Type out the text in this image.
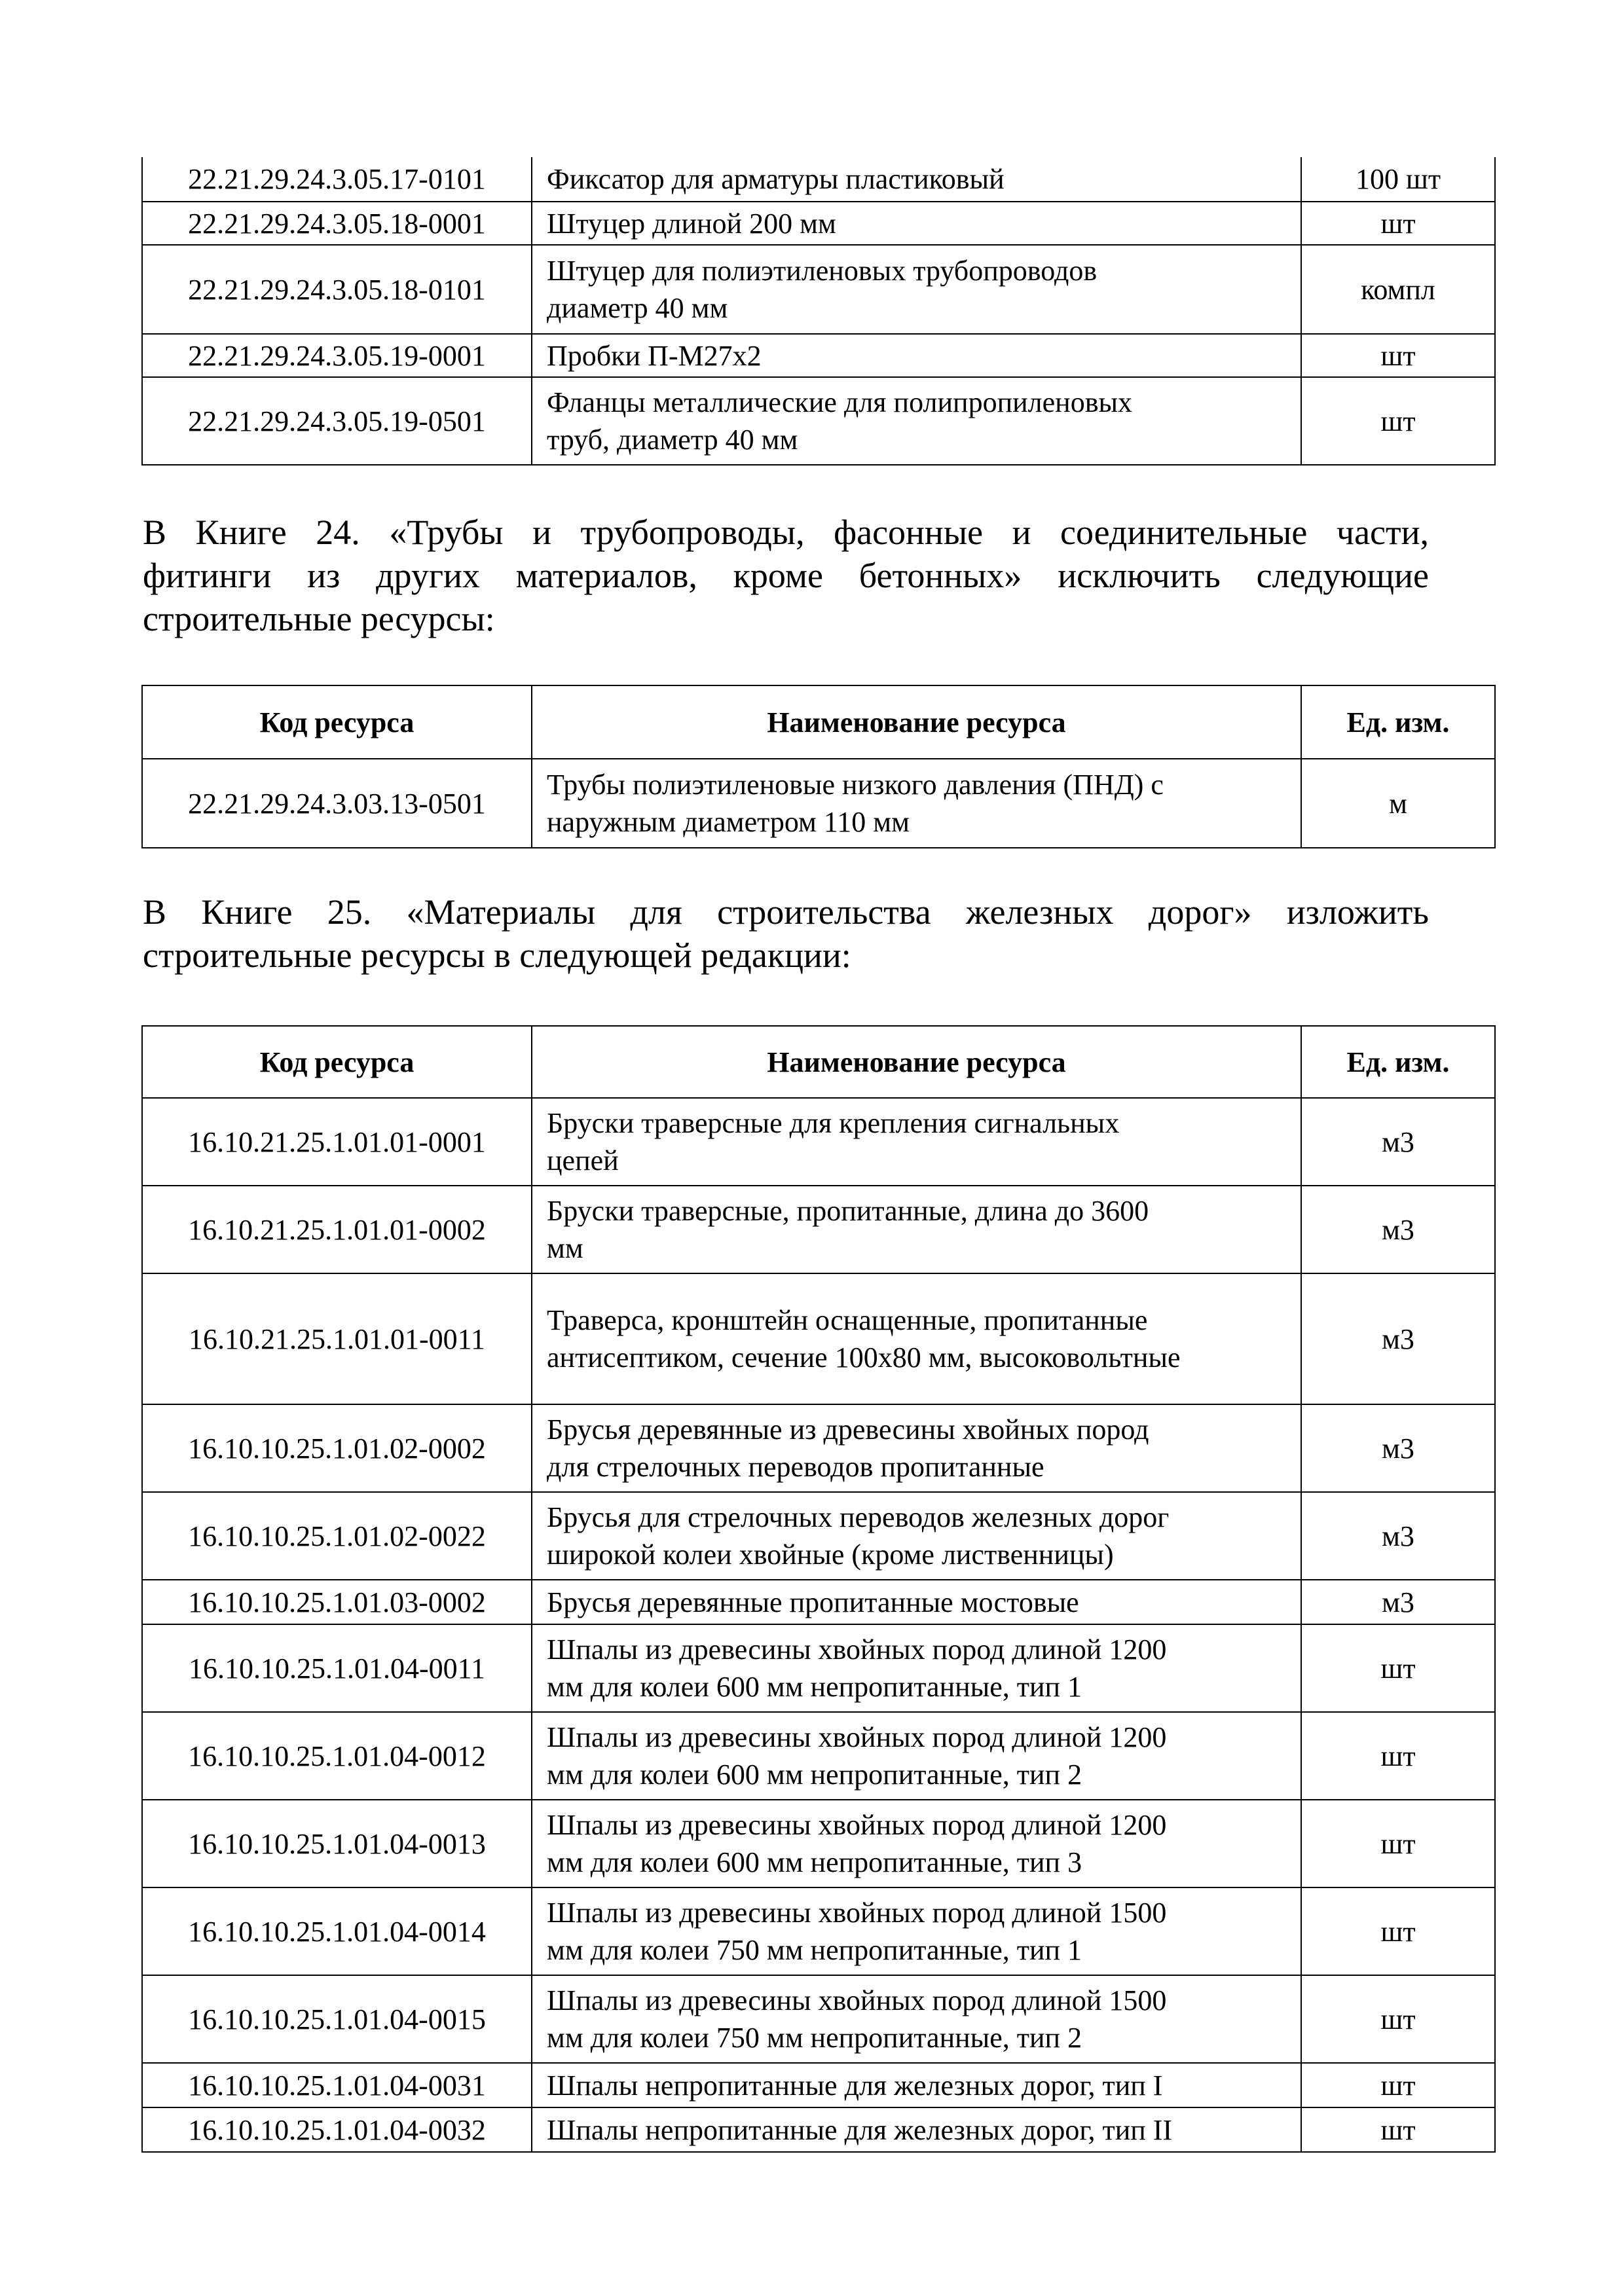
22.21.29.24.3.05.17-0101	Фиксатор для арматуры пластиковый	100 шт
22.21.29.24.3.05.18-0001	Штуцер длиной 200 мм	шт
22.21.29.24.3.05.18-0101	Штуцер для полиэтиленовых трубопроводов
диаметр 40 мм	компл
22.21.29.24.3.05.19-0001	Пробки П-М27х2	шт
22.21.29.24.3.05.19-0501	Фланцы металлические для полипропиленовых
труб, диаметр 40 мм	шт
В Книге 24. «Трубы и трубопроводы, фасонные и соединительные части,
фитинги из других материалов, кроме бетонных» исключить следующие
строительные ресурсы:
Код ресурса	Наименование ресурса	Ед. изм.
22.21.29.24.3.03.13-0501	Трубы полиэтиленовые низкого давления (ПНД) с
наружным диаметром 110 мм	м
В Книге 25. «Материалы для строительства железных дорог» изложить
строительные ресурсы в следующей редакции:
Код ресурса	Наименование ресурса	Ед. изм.
16.10.21.25.1.01.01-0001	Бруски траверсные для крепления сигнальных
цепей	м3
16.10.21.25.1.01.01-0002	Бруски траверсные, пропитанные, длина до 3600
мм	м3
16.10.21.25.1.01.01-0011	Траверса, кронштейн оснащенные, пропитанные
антисептиком, сечение 100х80 мм, высоковольтные	м3
16.10.10.25.1.01.02-0002	Брусья деревянные из древесины хвойных пород
для стрелочных переводов пропитанные	м3
16.10.10.25.1.01.02-0022	Брусья для стрелочных переводов железных дорог
широкой колеи хвойные (кроме лиственницы)	м3
16.10.10.25.1.01.03-0002	Брусья деревянные пропитанные мостовые	м3
16.10.10.25.1.01.04-0011	Шпалы из древесины хвойных пород длиной 1200
мм для колеи 600 мм непропитанные, тип 1	шт
16.10.10.25.1.01.04-0012	Шпалы из древесины хвойных пород длиной 1200
мм для колеи 600 мм непропитанные, тип 2	шт
16.10.10.25.1.01.04-0013	Шпалы из древесины хвойных пород длиной 1200
мм для колеи 600 мм непропитанные, тип 3	шт
16.10.10.25.1.01.04-0014	Шпалы из древесины хвойных пород длиной 1500
мм для колеи 750 мм непропитанные, тип 1	шт
16.10.10.25.1.01.04-0015	Шпалы из древесины хвойных пород длиной 1500
мм для колеи 750 мм непропитанные, тип 2	шт
16.10.10.25.1.01.04-0031	Шпалы непропитанные для железных дорог, тип I	шт
16.10.10.25.1.01.04-0032	Шпалы непропитанные для железных дорог, тип II	шт
